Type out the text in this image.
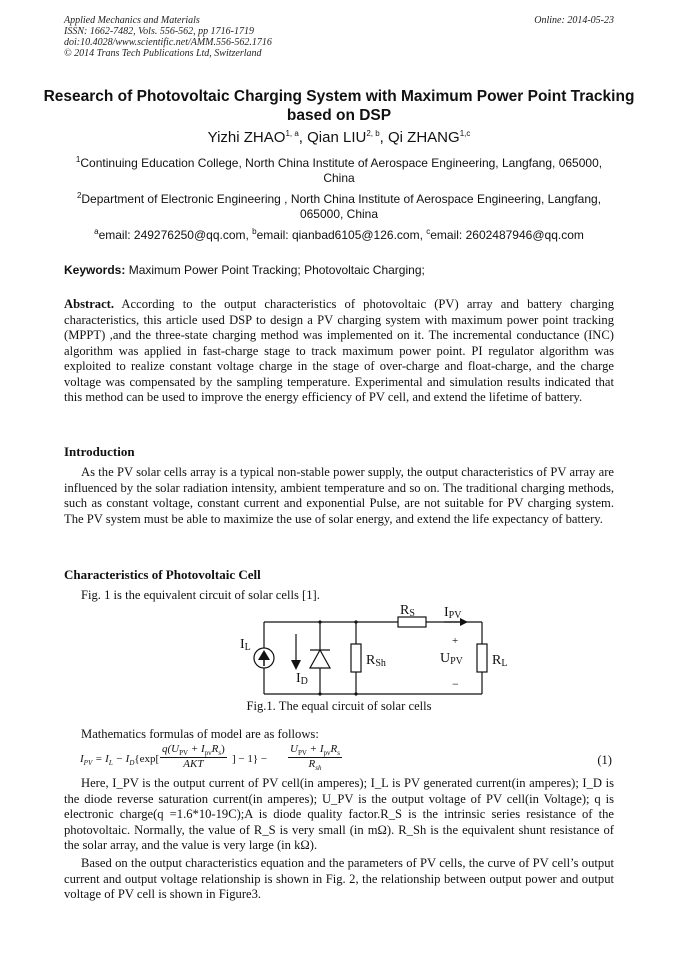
Applied Mechanics and Materials
ISSN: 1662-7482, Vols. 556-562, pp 1716-1719
doi:10.4028/www.scientific.net/AMM.556-562.1716
© 2014 Trans Tech Publications Ltd, Switzerland
Online: 2014-05-23
Research of Photovoltaic Charging System with Maximum Power Point Tracking based on DSP
Yizhi ZHAO$^{1, a}$, Qian LIU$^{2, b}$, Qi ZHANG$^{1,c}$
$^1$Continuing Education College, North China Institute of Aerospace Engineering, Langfang, 065000, China
$^2$Department of Electronic Engineering , North China Institute of Aerospace Engineering, Langfang, 065000, China
$^a$email: 249276250@qq.com, $^b$email: qianbad6105@126.com, $^c$email: 2602487946@qq.com
Keywords: Maximum Power Point Tracking; Photovoltaic Charging;
Abstract. According to the output characteristics of photovoltaic (PV) array and battery charging characteristics, this article used DSP to design a PV charging system with maximum power point tracking (MPPT) ,and the three-state charging method was implemented on it. The incremental conductance (INC) algorithm was applied in fast-charge stage to track maximum power point. PI regulator algorithm was exploited to realize constant voltage charge in the stage of over-charge and float-charge, and the charge voltage was compensated by the sampling temperature. Experimental and simulation results indicated that this method can be used to improve the energy efficiency of PV cell, and extend the lifetime of battery.
Introduction
As the PV solar cells array is a typical non-stable power supply, the output characteristics of PV array are influenced by the solar radiation intensity, ambient temperature and so on. The traditional charging methods, such as constant voltage, constant current and exponential Pulse, are not suitable for PV charging system. The PV system must be able to maximize the use of solar energy, and extend the life expectancy of battery.
Characteristics of Photovoltaic Cell
Fig. 1 is the equivalent circuit of solar cells [1].
IL
ID
RS
RSh
IPV
UPV RL
+
−
Fig.1. The equal circuit of solar cells
Mathematics formulas of model are as follows:
$I_{PV} = I_L - I_D\{\exp$[
$q(U_{PV} + I_{pv}R_s)$
AKT	] − 1} −
$U_{PV} + I_{pv}R_s$
$R_{sh}$
(1)
Here, I_PV is the output current of PV cell(in amperes); I_L is PV generated current(in amperes); I_D is the diode reverse saturation current(in amperes); U_PV is the output voltage of PV cell(in Voltage); q is electronic charge(q =1.6*10-19C);A is diode quality factor.R_S is the intrinsic series resistance of the photovoltaic. Normally, the value of R_S is very small (in mΩ). R_Sh is the equivalent shunt resistance of the solar array, and the value is very large (in kΩ).
Based on the output characteristics equation and the parameters of PV cells, the curve of PV cell’s output current and output voltage relationship is shown in Fig. 2, the relationship between output power and output voltage of PV cell is shown in Figure3.
